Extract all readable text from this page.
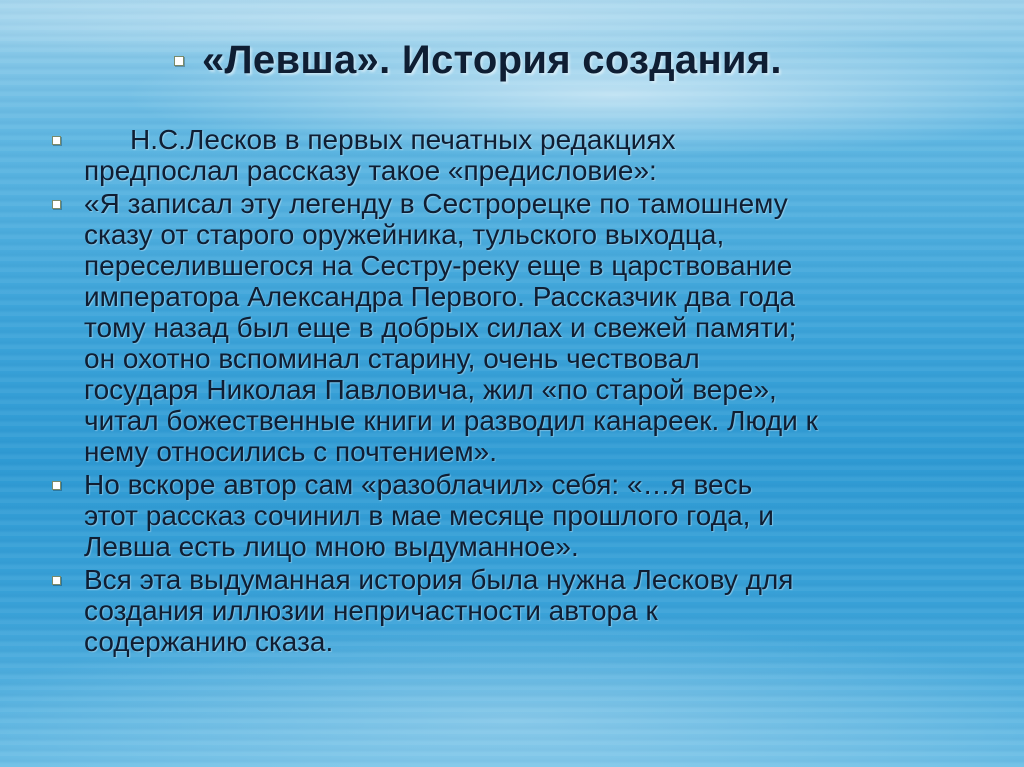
«Левша». История создания.
Н.С.Лесков в первых печатных редакциях
предпослал рассказу такое «предисловие»:
«Я записал эту легенду в Сестрорецке по тамошнему
сказу от старого оружейника, тульского выходца,
переселившегося на Сестру-реку еще в царствование
императора Александра Первого. Рассказчик два года
тому назад был еще в добрых силах и свежей памяти;
он охотно вспоминал старину, очень чествовал
государя Николая Павловича, жил «по старой вере»,
читал божественные книги и разводил канареек. Люди к
нему относились с почтением».
Но вскоре автор сам «разоблачил» себя: «…я весь
этот рассказ сочинил в мае месяце прошлого года, и
Левша есть лицо мною выдуманное».
Вся эта выдуманная история была нужна Лескову для
создания иллюзии непричастности автора к
содержанию сказа.
